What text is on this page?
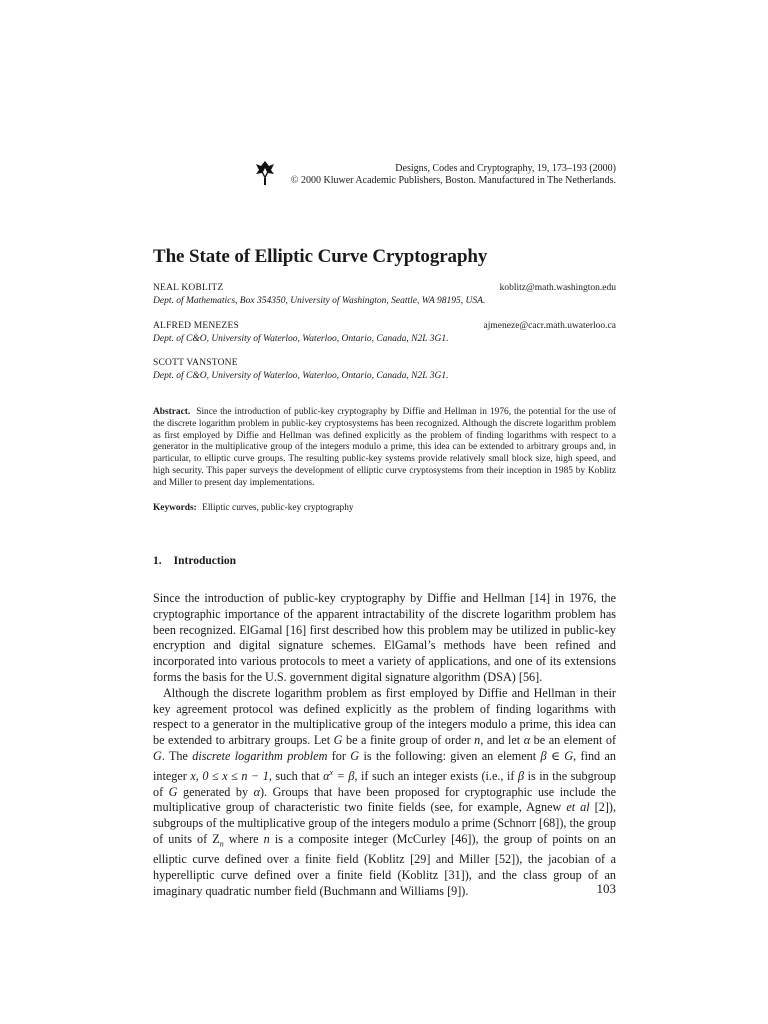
Designs, Codes and Cryptography, 19, 173–193 (2000)
© 2000 Kluwer Academic Publishers, Boston. Manufactured in The Netherlands.
The State of Elliptic Curve Cryptography
NEAL KOBLITZ	koblitz@math.washington.edu
Dept. of Mathematics, Box 354350, University of Washington, Seattle, WA 98195, USA.
ALFRED MENEZES	ajmeneze@cacr.math.uwaterloo.ca
Dept. of C&O, University of Waterloo, Waterloo, Ontario, Canada, N2L 3G1.
SCOTT VANSTONE
Dept. of C&O, University of Waterloo, Waterloo, Ontario, Canada, N2L 3G1.
Abstract. Since the introduction of public-key cryptography by Diffie and Hellman in 1976, the potential for the use of the discrete logarithm problem in public-key cryptosystems has been recognized. Although the discrete logarithm problem as first employed by Diffie and Hellman was defined explicitly as the problem of finding logarithms with respect to a generator in the multiplicative group of the integers modulo a prime, this idea can be extended to arbitrary groups and, in particular, to elliptic curve groups. The resulting public-key systems provide relatively small block size, high speed, and high security. This paper surveys the development of elliptic curve cryptosystems from their inception in 1985 by Koblitz and Miller to present day implementations.
Keywords: Elliptic curves, public-key cryptography
1. Introduction

Since the introduction of public-key cryptography by Diffie and Hellman [14] in 1976, the cryptographic importance of the apparent intractability of the discrete logarithm problem has been recognized. ElGamal [16] first described how this problem may be utilized in public-key encryption and digital signature schemes. ElGamal’s methods have been refined and incorporated into various protocols to meet a variety of applications, and one of its extensions forms the basis for the U.S. government digital signature algorithm (DSA) [56].

Although the discrete logarithm problem as first employed by Diffie and Hellman in their key agreement protocol was defined explicitly as the problem of finding logarithms with respect to a generator in the multiplicative group of the integers modulo a prime, this idea can be extended to arbitrary groups. Let G be a finite group of order n, and let α be an element of G. The discrete logarithm problem for G is the following: given an element β ∈ G, find an integer x, 0 ≤ x ≤ n − 1, such that $\alpha^x = \beta$, if such an integer exists (i.e., if β is in the subgroup of G generated by α). Groups that have been proposed for cryptographic use include the multiplicative group of characteristic two finite fields (see, for example, Agnew et al [2]), subgroups of the multiplicative group of the integers modulo a prime (Schnorr [68]), the group of units of $Z_n$ where n is a composite integer (McCurley [46]), the group of points on an elliptic curve defined over a finite field (Koblitz [29] and Miller [52]), the jacobian of a hyperelliptic curve defined over a finite field (Koblitz [31]), and the class group of an imaginary quadratic number field (Buchmann and Williams [9]).	103
